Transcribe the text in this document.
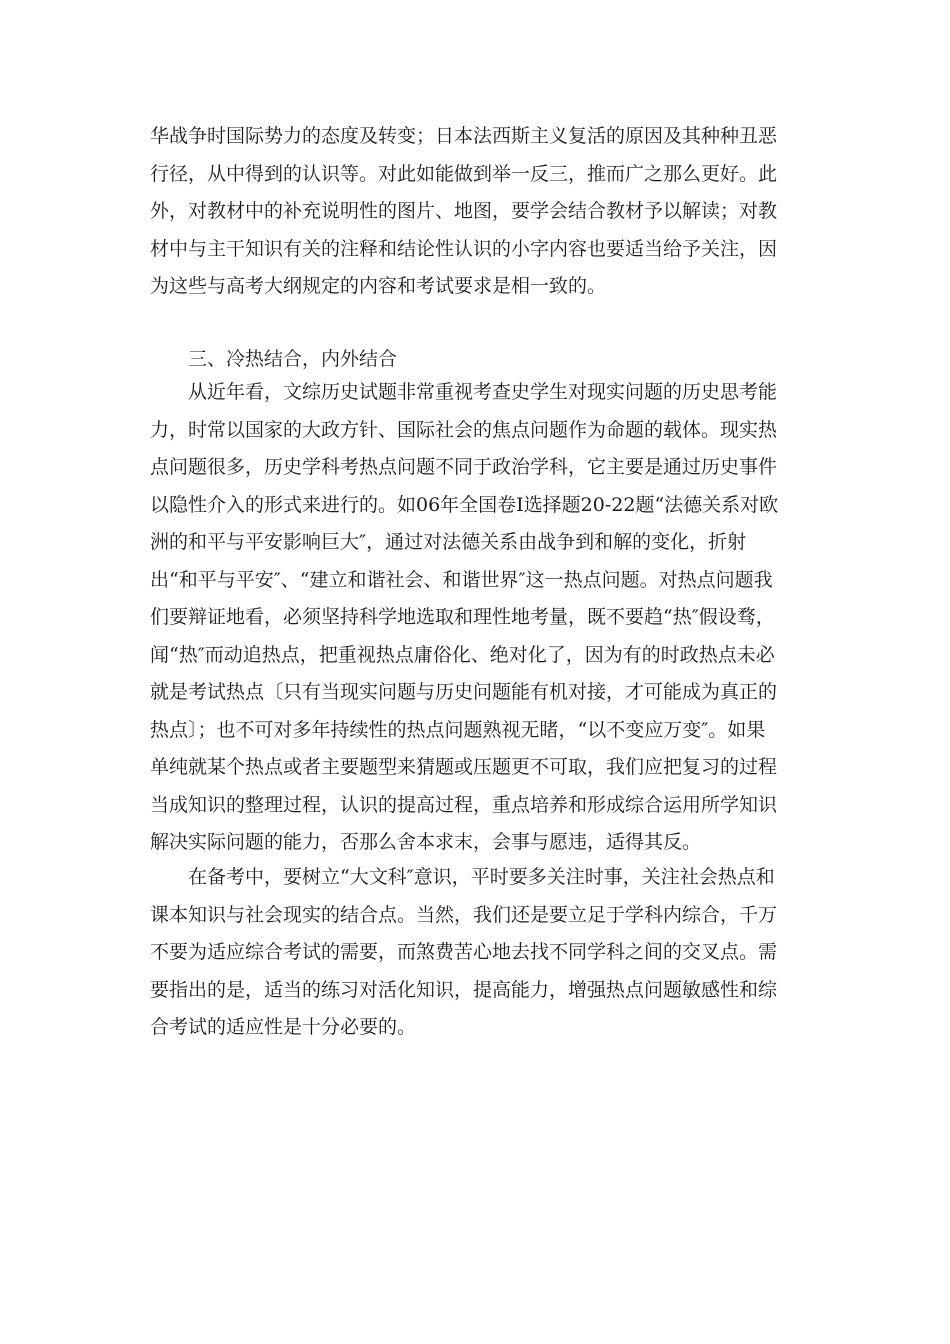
华战争时国际势力的态度及转变；日本法西斯主义复活的原因及其种种丑恶
行径，从中得到的认识等。对此如能做到举一反三，推而广之那么更好。此
外，对教材中的补充说明性的图片、地图，要学会结合教材予以解读；对教
材中与主干知识有关的注释和结论性认识的小字内容也要适当给予关注，因
为这些与高考大纲规定的内容和考试要求是相一致的。
三、冷热结合，内外结合
从近年看，文综历史试题非常重视考查史学生对现实问题的历史思考能
力，时常以国家的大政方针、国际社会的焦点问题作为命题的载体。现实热
点问题很多，历史学科考热点问题不同于政治学科，它主要是通过历史事件
以隐性介入的形式来进行的。如06年全国卷Ⅰ选择题20-22题“法德关系对欧
洲的和平与平安影响巨大″，通过对法德关系由战争到和解的变化，折射
出“和平与平安″、“建立和谐社会、和谐世界″这一热点问题。对热点问题我
们要辩证地看，必须坚持科学地选取和理性地考量，既不要趋“热″假设骛，
闻“热″而动追热点，把重视热点庸俗化、绝对化了，因为有的时政热点未必
就是考试热点〔只有当现实问题与历史问题能有机对接，才可能成为真正的
热点〕；也不可对多年持续性的热点问题熟视无睹，“以不变应万变″。如果
单纯就某个热点或者主要题型来猜题或压题更不可取，我们应把复习的过程
当成知识的整理过程，认识的提高过程，重点培养和形成综合运用所学知识
解决实际问题的能力，否那么舍本求末，会事与愿违，适得其反。
在备考中，要树立“大文科″意识，平时要多关注时事，关注社会热点和
课本知识与社会现实的结合点。当然，我们还是要立足于学科内综合，千万
不要为适应综合考试的需要，而煞费苦心地去找不同学科之间的交叉点。需
要指出的是，适当的练习对活化知识，提高能力，增强热点问题敏感性和综
合考试的适应性是十分必要的。
